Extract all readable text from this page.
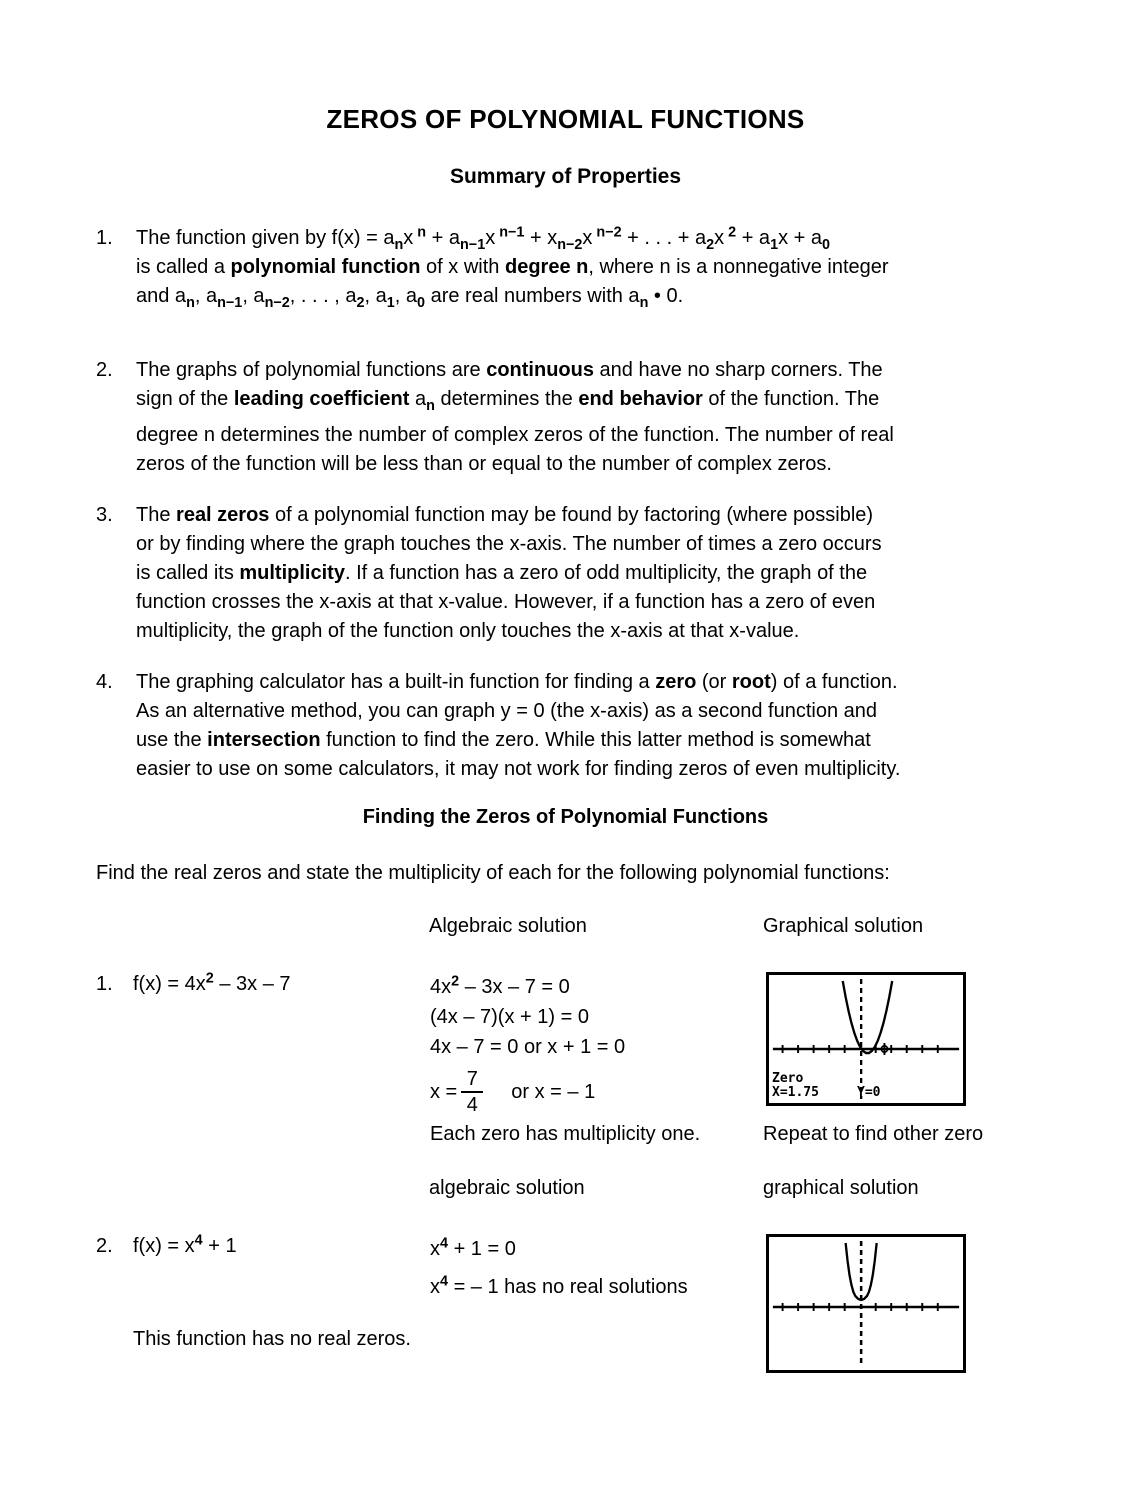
ZEROS OF POLYNOMIAL FUNCTIONS
Summary of Properties
1.	The function given by $f(x) = a_nx$ $^n + a_{n-1}x$ $^{n-1} + x_{n-2}x$ $^{n-2}$ + . . . + $a_2x$ $^2 + a_1x + a_0$
is called a polynomial function of x with degree n, where n is a nonnegative integer
and $a_n$, $a_{n-1}$, $a_{n-2}$, . . . , $a_2$, $a_1$, $a_0$ are real numbers with $a_n$ • 0.
2.	The graphs of polynomial functions are continuous and have no sharp corners. The
sign of the leading coefficient $a_n$ determines the end behavior of the function. The
degree n determines the number of complex zeros of the function. The number of real
zeros of the function will be less than or equal to the number of complex zeros.
3.	The real zeros of a polynomial function may be found by factoring (where possible)
or by finding where the graph touches the x-axis. The number of times a zero occurs
is called its multiplicity. If a function has a zero of odd multiplicity, the graph of the
function crosses the x-axis at that x-value. However, if a function has a zero of even
multiplicity, the graph of the function only touches the x-axis at that x-value.
4.	The graphing calculator has a built-in function for finding a zero (or root) of a function.
As an alternative method, you can graph y = 0 (the x-axis) as a second function and
use the intersection function to find the zero. While this latter method is somewhat
easier to use on some calculators, it may not work for finding zeros of even multiplicity.
Finding the Zeros of Polynomial Functions
Find the real zeros and state the multiplicity of each for the following polynomial functions:
Algebraic solution	Graphical solution
1. $f(x) = 4x^2 - 3x - 7$	$4x^2 - 3x - 7 = 0$
(4x – 7)(x + 1) = 0
4x – 7 = 0 or x + 1 = 0
$x = \frac{7}{4}$	or x = – 1
Zero
X=1.75	Y=0
Each zero has multiplicity one.	Repeat to find other zero
algebraic solution	graphical solution
2. $f(x) = x^4 + 1$	$x^4 + 1 = 0$
$x^4$ = – 1 has no real solutions
This function has no real zeros.
